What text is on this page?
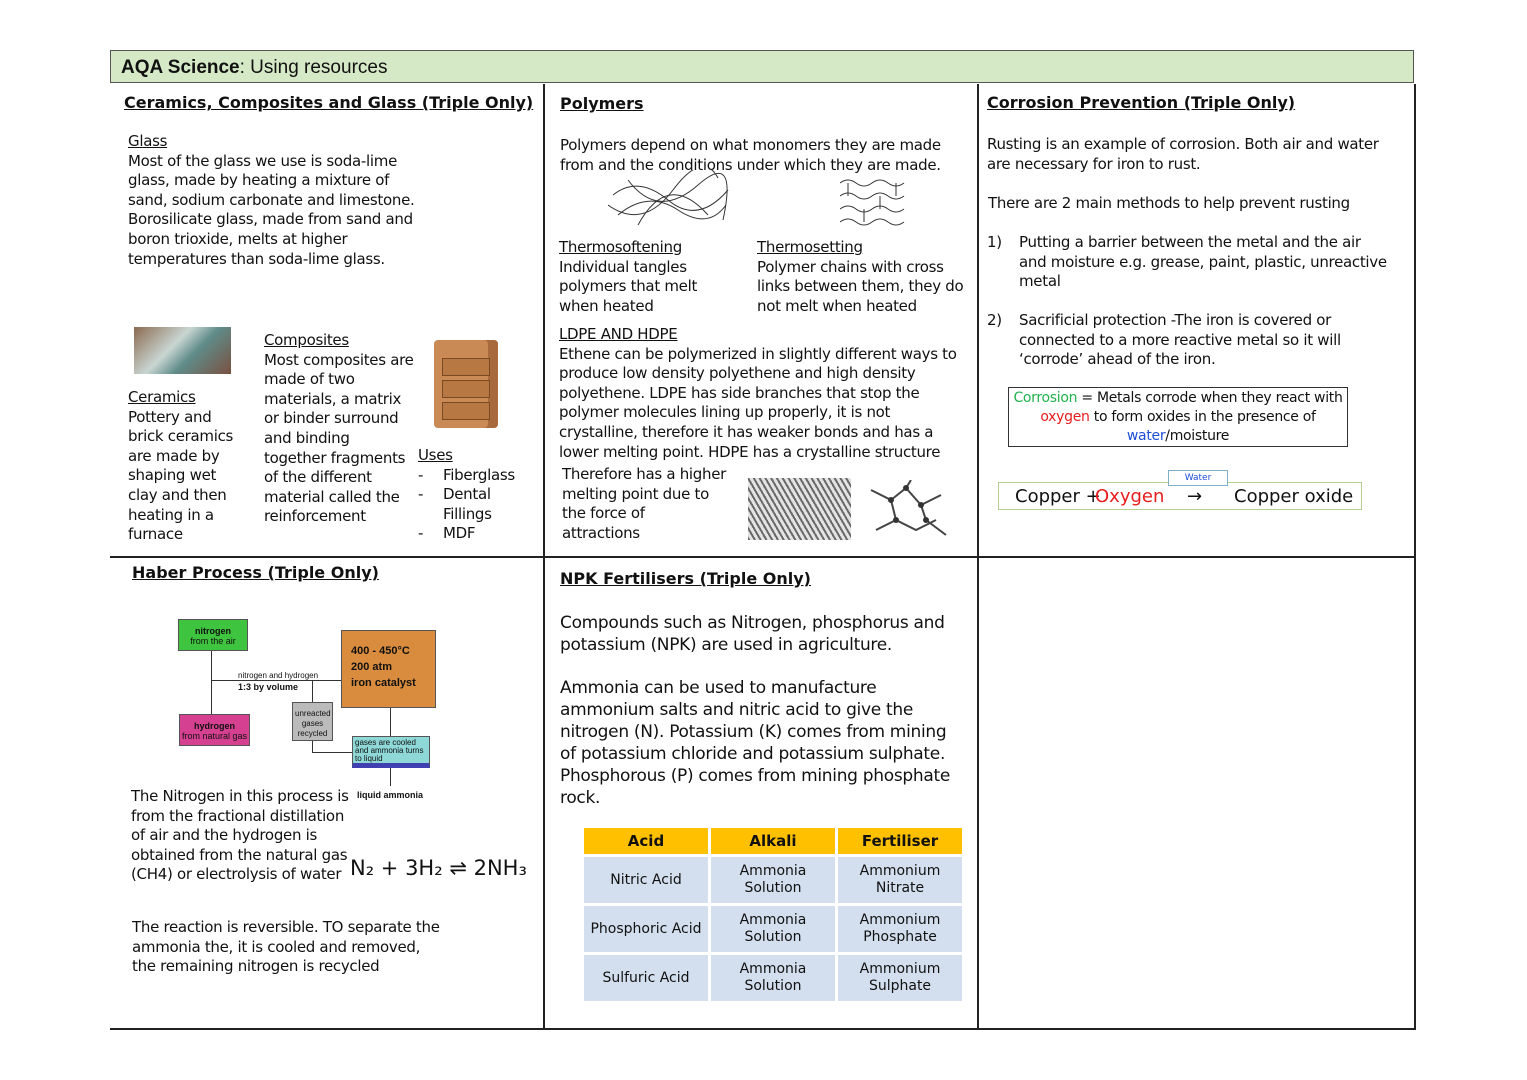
AQA Science: Using resources
Ceramics, Composites and Glass (Triple Only)
Glass
Most of the glass we use is soda-lime glass, made by heating a mixture of sand, sodium carbonate and limestone. Borosilicate glass, made from sand and boron trioxide, melts at higher temperatures than soda-lime glass.
Ceramics
Pottery and brick ceramics are made by shaping wet clay and then heating in a furnace
Composites
Most composites are made of two materials, a matrix or binder surround and binding together fragments of the different material called the reinforcement
Uses
-	Fiberglass
-	Dental Fillings
-	MDF
Polymers
Polymers depend on what monomers they are made from and the conditions under which they are made.
Thermosoftening
Individual tangles polymers that melt when heated
Thermosetting
Polymer chains with cross links between them, they do not melt when heated
LDPE AND HDPE
Ethene can be polymerized in slightly different ways to produce low density polyethene and high density polyethene. LDPE has side branches that stop the polymer molecules lining up properly, it is not crystalline, therefore it has weaker bonds and has a lower melting point. HDPE has a crystalline structure
Therefore has a higher melting point due to the force of attractions
Corrosion Prevention (Triple Only)
Rusting is an example of corrosion. Both air and water are necessary for iron to rust.
There are 2 main methods to help prevent rusting
1)	Putting a barrier between the metal and the air and moisture e.g. grease, paint, plastic, unreactive metal
2)	Sacrificial protection -The iron is covered or connected to a more reactive metal so it will ‘corrode’ ahead of the iron.
Corrosion = Metals corrode when they react with oxygen to form oxides in the presence of water/moisture
Copper +
Oxygen → Copper oxide
Water
Haber Process (Triple Only)
nitrogen
from the air
hydrogen
from natural gas
nitrogen and hydrogen
1:3 by volume
400 - 450°C
200 atm
iron catalyst
unreacted gases recycled
gases are cooled and ammonia turns to liquid
liquid ammonia
The Nitrogen in this process is from the fractional distillation of air and the hydrogen is obtained from the natural gas (CH4) or electrolysis of water N₂ + 3H₂ ⇌ 2NH₃
The reaction is reversible. TO separate the ammonia the, it is cooled and removed, the remaining nitrogen is recycled
NPK Fertilisers (Triple Only)
Compounds such as Nitrogen, phosphorus and potassium (NPK) are used in agriculture.
Ammonia can be used to manufacture ammonium salts and nitric acid to give the nitrogen (N). Potassium (K) comes from mining of potassium chloride and potassium sulphate. Phosphorous (P) comes from mining phosphate rock.
Acid	Alkali	Fertiliser
Nitric Acid	Ammonia Solution	Ammonium Nitrate
Phosphoric Acid	Ammonia Solution	Ammonium Phosphate
Sulfuric Acid	Ammonia Solution	Ammonium Sulphate
